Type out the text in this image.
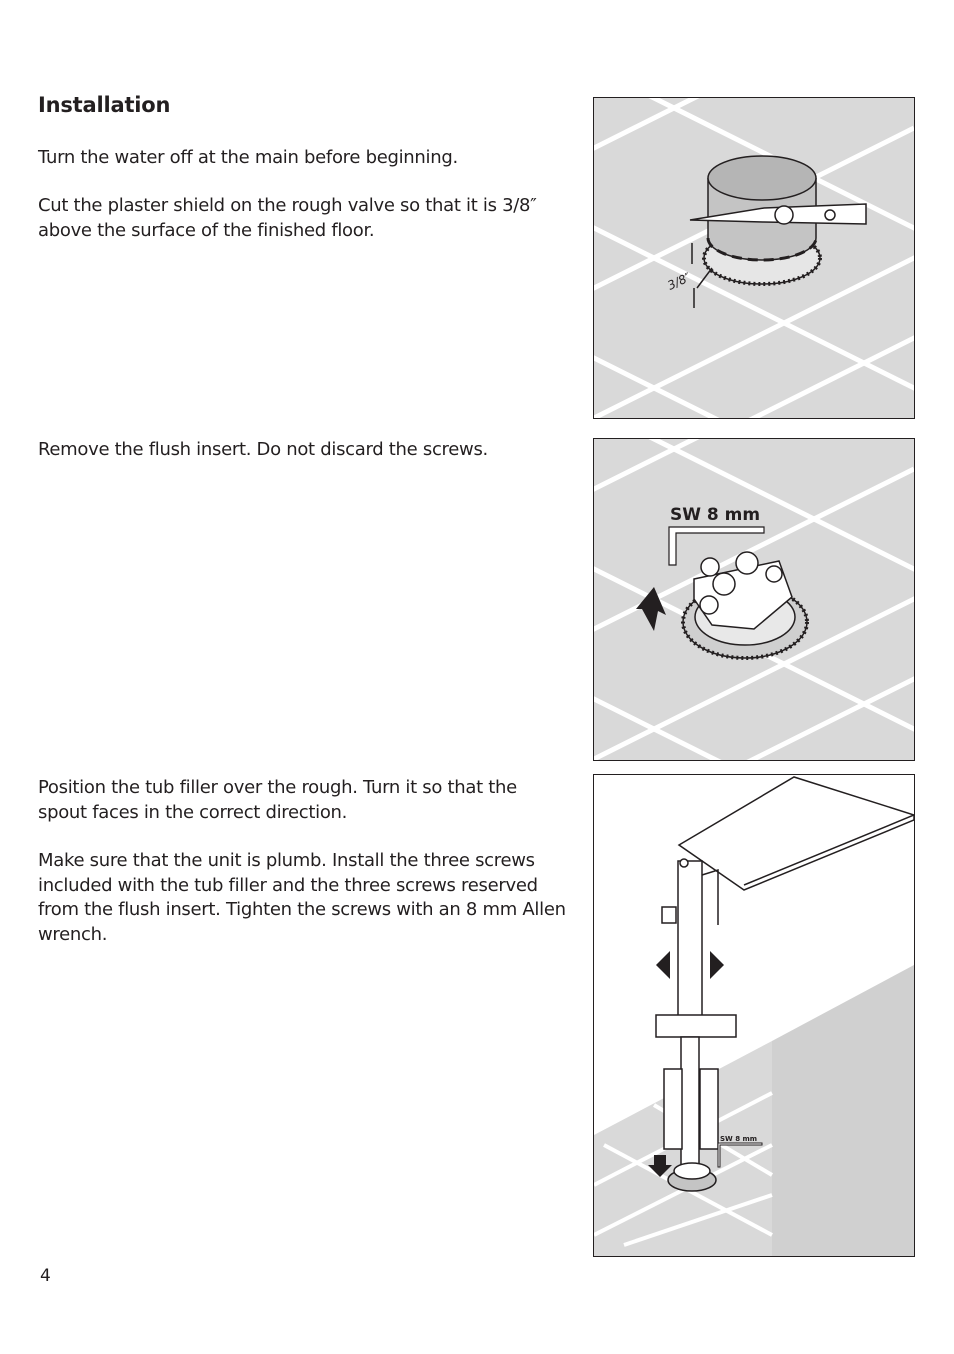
Installation

Turn the water off at the main before beginning.

Cut the plaster shield on the rough valve so that it is 3/8″ above the surface of the finished floor.

Remove the flush insert. Do not discard the screws.

Position the tub filler over the rough. Turn it so that the spout faces in the correct direction.

Make sure that the unit is plumb. Install the three screws included with the tub filler and the three screws reserved from the flush insert. Tighten the screws with an 8 mm Allen wrench.

3/8″
SW 8 mm
SW 8 mm
4
